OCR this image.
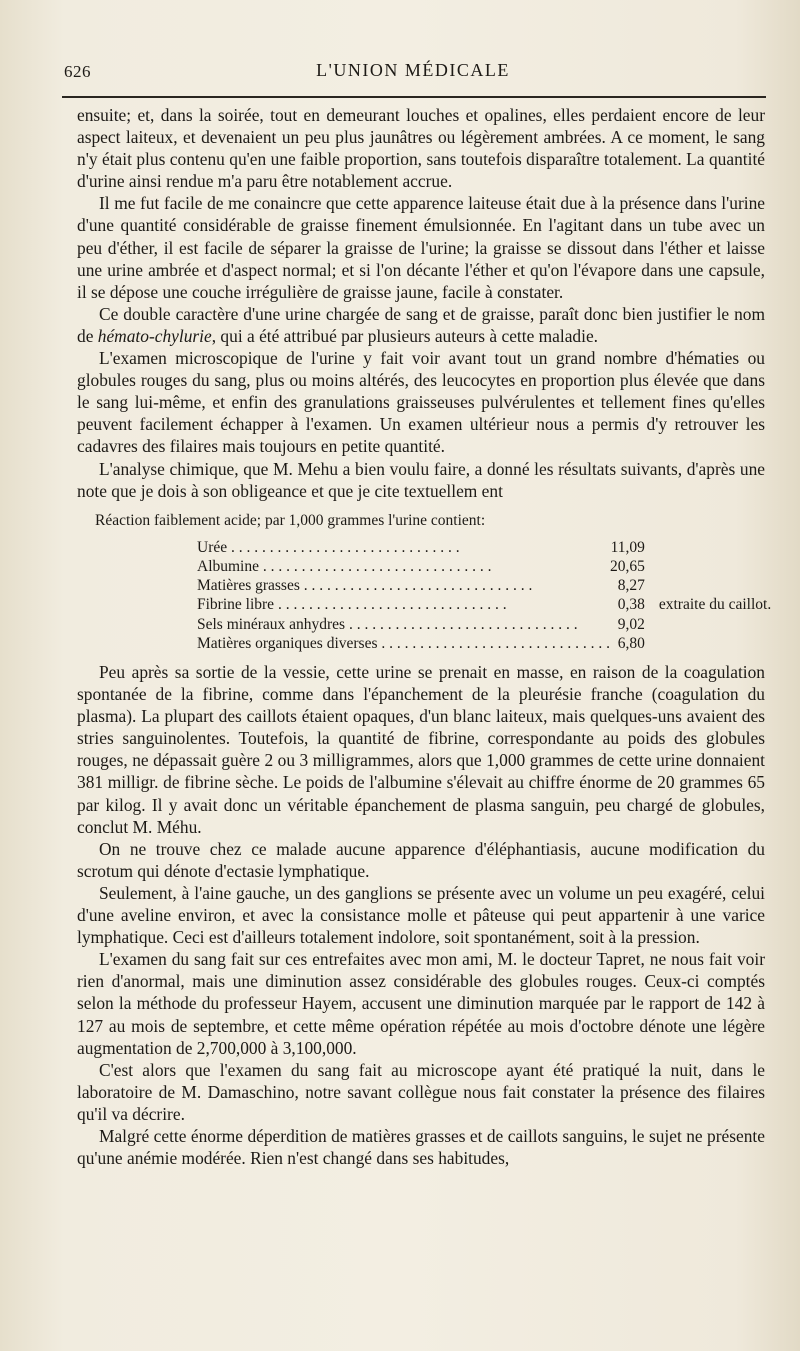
626	L'UNION MÉDICALE

ensuite; et, dans la soirée, tout en demeurant louches et opalines, elles perdaient encore de leur aspect laiteux, et devenaient un peu plus jaunâtres ou légèrement ambrées. A ce moment, le sang n'y était plus contenu qu'en une faible proportion, sans toutefois disparaître totalement. La quantité d'urine ainsi rendue m'a paru être notablement accrue.

Il me fut facile de me conaincre que cette apparence laiteuse était due à la présence dans l'urine d'une quantité considérable de graisse finement émulsionnée. En l'agitant dans un tube avec un peu d'éther, il est facile de séparer la graisse de l'urine; la graisse se dissout dans l'éther et laisse une urine ambrée et d'aspect normal; et si l'on décante l'éther et qu'on l'évapore dans une capsule, il se dépose une couche irrégulière de graisse jaune, facile à constater.

Ce double caractère d'une urine chargée de sang et de graisse, paraît donc bien justifier le nom de hémato-chylurie, qui a été attribué par plusieurs auteurs à cette maladie.

L'examen microscopique de l'urine y fait voir avant tout un grand nombre d'hématies ou globules rouges du sang, plus ou moins altérés, des leucocytes en proportion plus élevée que dans le sang lui-même, et enfin des granulations graisseuses pulvérulentes et tellement fines qu'elles peuvent facilement échapper à l'examen. Un examen ultérieur nous a permis d'y retrouver les cadavres des filaires mais toujours en petite quantité.

L'analyse chimique, que M. Mehu a bien voulu faire, a donné les résultats suivants, d'après une note que je dois à son obligeance et que je cite textuellem ent

Réaction faiblement acide; par 1,000 grammes l'urine contient:

Urée . . .	11,09	
Albumine . . .	20,65	
Matières grasses . . .	8,27	
Fibrine libre . . .	0,38	extraite du caillot.
Sels minéraux anhydres . . .	9,02	
Matières organiques diverses . . .	6,80	

Peu après sa sortie de la vessie, cette urine se prenait en masse, en raison de la coagulation spontanée de la fibrine, comme dans l'épanchement de la pleurésie franche (coagulation du plasma). La plupart des caillots étaient opaques, d'un blanc laiteux, mais quelques-uns avaient des stries sanguinolentes. Toutefois, la quantité de fibrine, correspondante au poids des globules rouges, ne dépassait guère 2 ou 3 milligrammes, alors que 1,000 grammes de cette urine donnaient 381 milligr. de fibrine sèche. Le poids de l'albumine s'élevait au chiffre énorme de 20 grammes 65 par kilog. Il y avait donc un véritable épanchement de plasma sanguin, peu chargé de globules, conclut M. Méhu.

On ne trouve chez ce malade aucune apparence d'éléphantiasis, aucune modification du scrotum qui dénote d'ectasie lymphatique.

Seulement, à l'aine gauche, un des ganglions se présente avec un volume un peu exagéré, celui d'une aveline environ, et avec la consistance molle et pâteuse qui peut appartenir à une varice lymphatique. Ceci est d'ailleurs totalement indolore, soit spontanément, soit à la pression.

L'examen du sang fait sur ces entrefaites avec mon ami, M. le docteur Tapret, ne nous fait voir rien d'anormal, mais une diminution assez considérable des globules rouges. Ceux-ci comptés selon la méthode du professeur Hayem, accusent une diminution marquée par le rapport de 142 à 127 au mois de septembre, et cette même opération répétée au mois d'octobre dénote une légère augmentation de 2,700,000 à 3,100,000.

C'est alors que l'examen du sang fait au microscope ayant été pratiqué la nuit, dans le laboratoire de M. Damaschino, notre savant collègue nous fait constater la présence des filaires qu'il va décrire.

Malgré cette énorme déperdition de matières grasses et de caillots sanguins, le sujet ne présente qu'une anémie modérée. Rien n'est changé dans ses habitudes,
